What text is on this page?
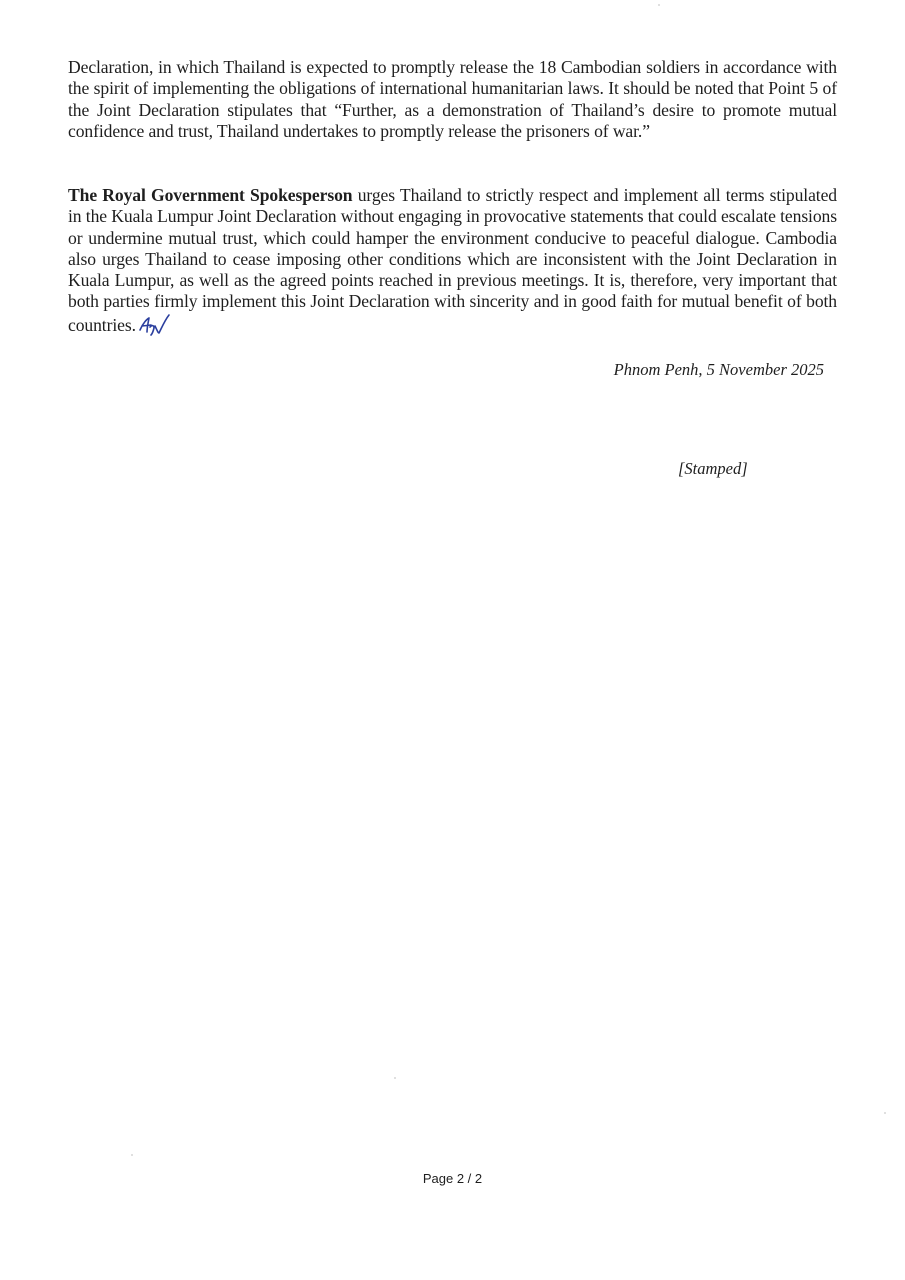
Declaration, in which Thailand is expected to promptly release the 18 Cambodian soldiers in accordance with the spirit of implementing the obligations of international humanitarian laws. It should be noted that Point 5 of the Joint Declaration stipulates that “Further, as a demonstration of Thailand’s desire to promote mutual confidence and trust, Thailand undertakes to promptly release the prisoners of war.”

The Royal Government Spokesperson urges Thailand to strictly respect and implement all terms stipulated in the Kuala Lumpur Joint Declaration without engaging in provocative statements that could escalate tensions or undermine mutual trust, which could hamper the environment conducive to peaceful dialogue. Cambodia also urges Thailand to cease imposing other conditions which are inconsistent with the Joint Declaration in Kuala Lumpur, as well as the agreed points reached in previous meetings. It is, therefore, very important that both parties firmly implement this Joint Declaration with sincerity and in good faith for mutual benefit of both countries.

Phnom Penh, 5 November 2025

[Stamped]

Page 2 / 2
